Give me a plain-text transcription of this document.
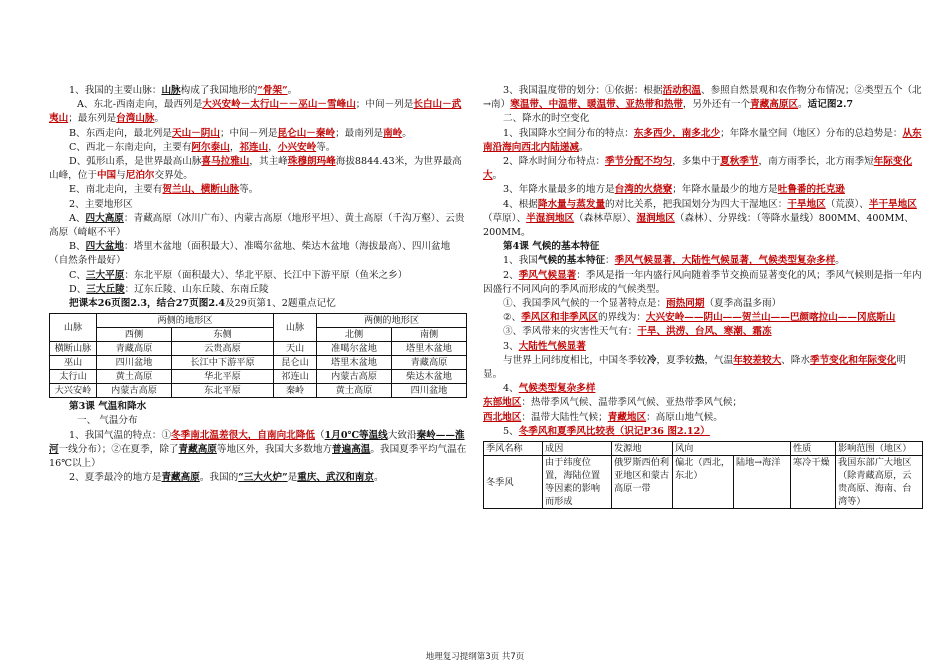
1、我国的主要山脉：山脉构成了我国地形的“骨架”。

A、东北-西南走向，最西列是大兴安岭－太行山－－巫山－雪峰山；中间－列是长白山－武夷山；最东列是台湾山脉。

B、东西走向，最北列是天山－阴山；中间－列是昆仑山－秦岭；最南列是南岭。

C、西北－东南走向，主要有阿尔泰山，祁连山，小兴安岭等。

D、弧形山系，是世界最高山脉喜马拉雅山，其主峰珠穆朗玛峰海拔8844.43米，为世界最高山峰，位于中国与尼泊尔交界处。

E、南北走向，主要有贺兰山、横断山脉等。

2、主要地形区

A、四大高原：青藏高原（冰川广布）、内蒙古高原（地形平坦）、黄土高原（千沟万壑）、云贵高原（崎岖不平）

B、四大盆地：塔里木盆地（面积最大）、准噶尔盆地、柴达木盆地（海拔最高）、四川盆地（自然条件最好）

C、三大平原：东北平原（面积最大）、华北平原、长江中下游平原（鱼米之乡）

D、三大丘陵：辽东丘陵、山东丘陵、东南丘陵

把课本26页图2.3，结合27页图2.4及29页第1、2题重点记忆

山脉	两侧的地形区		山脉	两侧的地形区	
	西侧	东侧		北侧	南侧
横断山脉	青藏高原	云贵高原	天山	准噶尔盆地	塔里木盆地
巫山	四川盆地	长江中下游平原	昆仑山	塔里木盆地	青藏高原
太行山	黄土高原	华北平原	祁连山	内蒙古高原	柴达木盆地
大兴安岭	内蒙古高原	东北平原	秦岭	黄土高原	四川盆地

第3课 气温和降水

一、 气温分布

1、我国气温的特点：①冬季南北温差很大，自南向北降低（1月0℃等温线大致沿秦岭——淮河一线分布）；②在夏季，除了青藏高原等地区外，我国大多数地方普遍高温。我国夏季平均气温在16℃以上）

2、夏季最冷的地方是青藏高原。我国的“三大火炉”是重庆、武汉和南京。

3、我国温度带的划分：①依据：根据活动积温、参照自然景观和农作物分布情况；②类型五个（北→南）寒温带、中温带、暖温带、亚热带和热带，另外还有一个青藏高原区。适记图2.7

二、降水的时空变化

1、我国降水空间分布的特点：东多西少，南多北少；年降水量空间（地区）分布的总趋势是：从东南沿海向西北内陆递减。

2、降水时间分布特点：季节分配不均匀，多集中于夏秋季节，南方雨季长，北方雨季短年际变化大。

3、年降水量最多的地方是台湾的火烧寮；年降水量最少的地方是吐鲁番的托克逊

4、根据降水量与蒸发量的对比关系，把我国划分为四大干湿地区：干旱地区（荒漠）、半干旱地区（草原）、半湿润地区（森林草原）、湿润地区（森林）、分界线：（等降水量线）800MM、400MM、200MM。

第4课 气候的基本特征

1、我国气候的基本特征：季风气候显著，大陆性气候显著，气候类型复杂多样。

2、季风气候显著：季风是指一年内盛行风向随着季节交换而显著变化的风；季风气候则是指一年内因盛行不同风向的季风而形成的气候类型。

①、我国季风气候的一个显著特点是：雨热同期（夏季高温多雨）

②、季风区和非季风区的界线为：大兴安岭——阴山——贺兰山——巴颜喀拉山——冈底斯山

③、季风带来的灾害性天气有：干旱、洪涝、台风、寒潮、霜冻

3、大陆性气候显著

与世界上同纬度相比，中国冬季较冷，夏季较热，气温年较差较大、降水季节变化和年际变化明显。

4、气候类型复杂多样

东部地区：热带季风气候、温带季风气候、亚热带季风气候；

西北地区：温带大陆性气候；青藏地区：高原山地气候。

5、冬季风和夏季风比较表（识记P36 图2.12）

季风名称	成因	发源地	风向		性质	影响范围（地区）
冬季风	由于纬度位置，海陆位置等因素的影响而形成	俄罗斯西伯利亚地区和蒙古高原一带	偏北（西北，东北）	陆地→海洋	寒冷干燥	我国东部广大地区（除青藏高原，云贵高原、海南、台湾等）
地理复习提纲第3页 共7页
